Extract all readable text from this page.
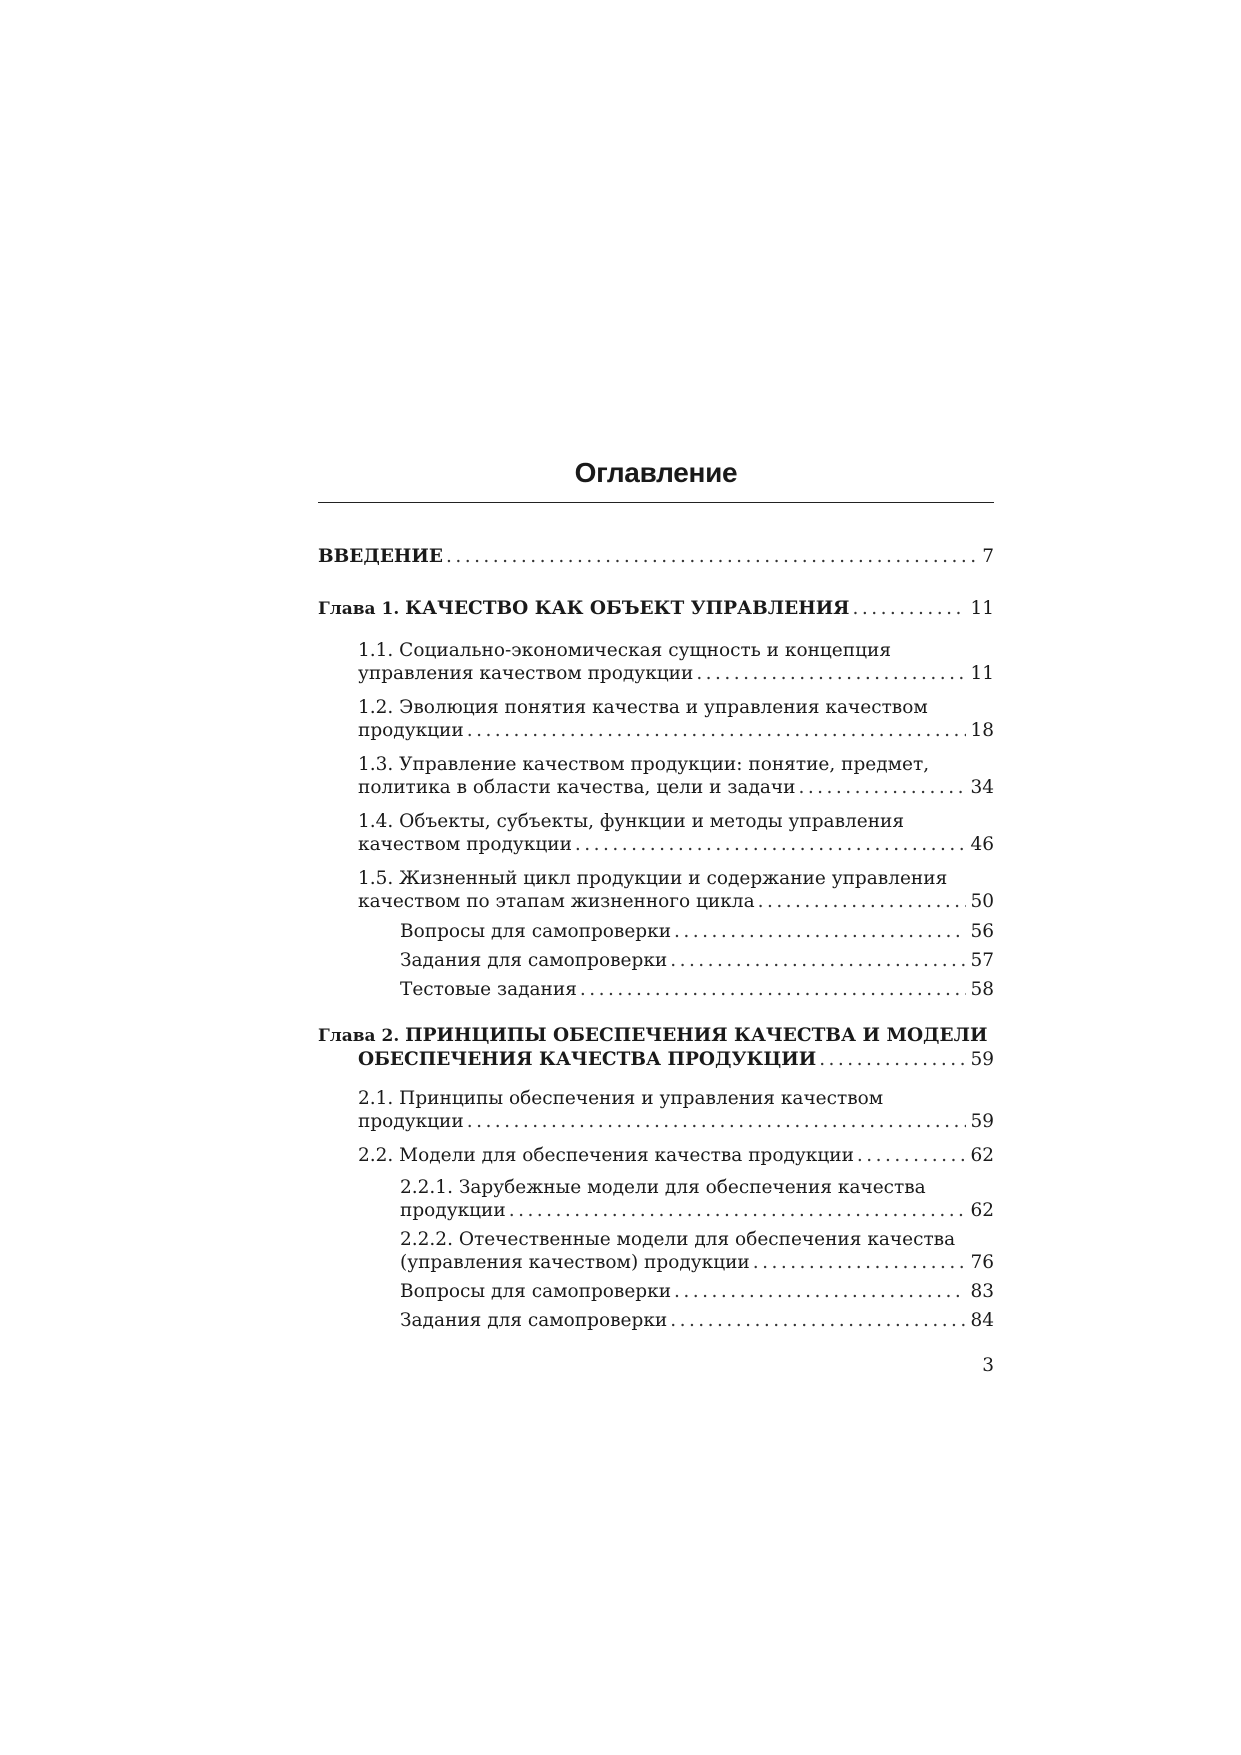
Оглавление
ВВЕДЕНИЕ . . .	7
Глава 1. КАЧЕСТВО КАК ОБЪЕКТ УПРАВЛЕНИЯ . . .	11
1.1. Социально-экономическая сущность и концепция
управления качеством продукции . . .	11
1.2. Эволюция понятия качества и управления качеством
продукции . . .	18
1.3. Управление качеством продукции: понятие, предмет,
политика в области качества, цели и задачи . . .	34
1.4. Объекты, субъекты, функции и методы управления
качеством продукции . . .	46
1.5. Жизненный цикл продукции и содержание управления
качеством по этапам жизненного цикла . . .	50
Вопросы для самопроверки . . .	56
Задания для самопроверки . . .	57
Тестовые задания . . .	58
Глава 2. ПРИНЦИПЫ ОБЕСПЕЧЕНИЯ КАЧЕСТВА И МОДЕЛИ
ОБЕСПЕЧЕНИЯ КАЧЕСТВА ПРОДУКЦИИ . . .	59
2.1. Принципы обеспечения и управления качеством
продукции . . .	59
2.2. Модели для обеспечения качества продукции . . .	62
2.2.1. Зарубежные модели для обеспечения качества
продукции . . .	62
2.2.2. Отечественные модели для обеспечения качества
(управления качеством) продукции . . .	76
Вопросы для самопроверки . . .	83
Задания для самопроверки . . .	84
3
